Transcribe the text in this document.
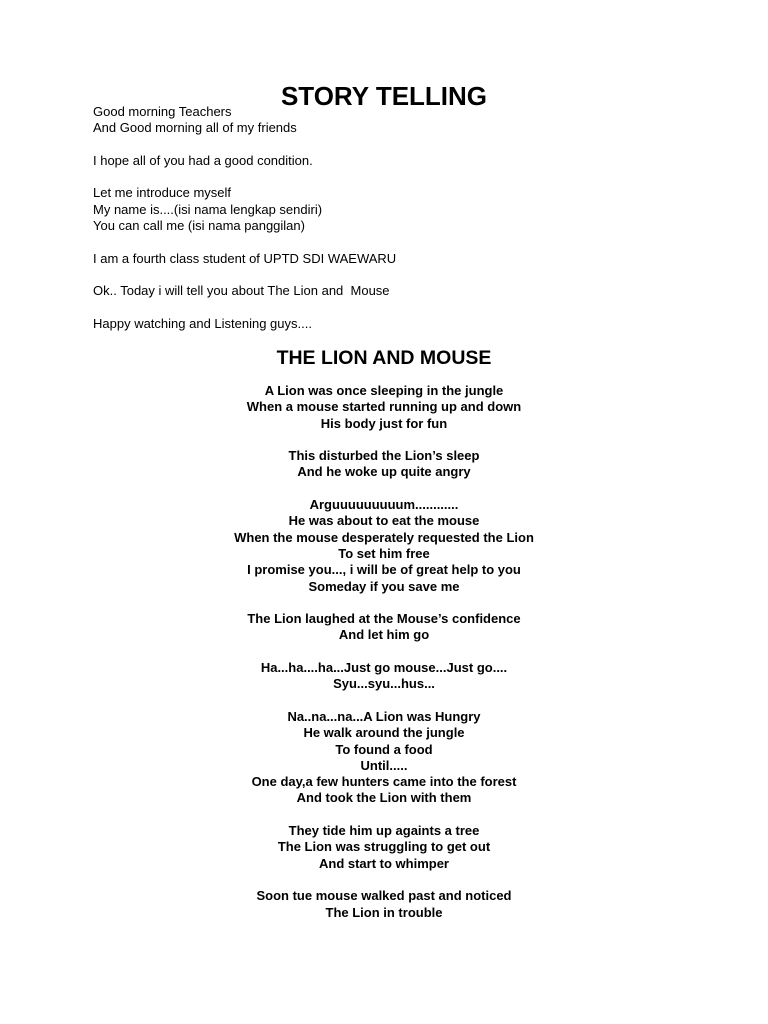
STORY TELLING
Good morning Teachers
And Good morning all of my friends
I hope all of you had a good condition.
Let me introduce myself
My name is....(isi nama lengkap sendiri)
You can call me (isi nama panggilan)
I am a fourth class student of UPTD SDI WAEWARU
Ok.. Today i will tell you about The Lion and  Mouse
Happy watching and Listening guys....
THE LION AND MOUSE
A Lion was once sleeping in the jungle
When a mouse started running up and down
His body just for fun
This disturbed the Lion’s sleep
And he woke up quite angry
Arguuuuuuuuum............
He was about to eat the mouse
When the mouse desperately requested the Lion
To set him free
I promise you..., i will be of great help to you
Someday if you save me
The Lion laughed at the Mouse’s confidence
And let him go
Ha...ha....ha...Just go mouse...Just go....
Syu...syu...hus...
Na..na...na...A Lion was Hungry
He walk around the jungle
To found a food
Until.....
One day,a few hunters came into the forest
And took the Lion with them
They tide him up againts a tree
The Lion was struggling to get out
And start to whimper
Soon tue mouse walked past and noticed
The Lion in trouble
